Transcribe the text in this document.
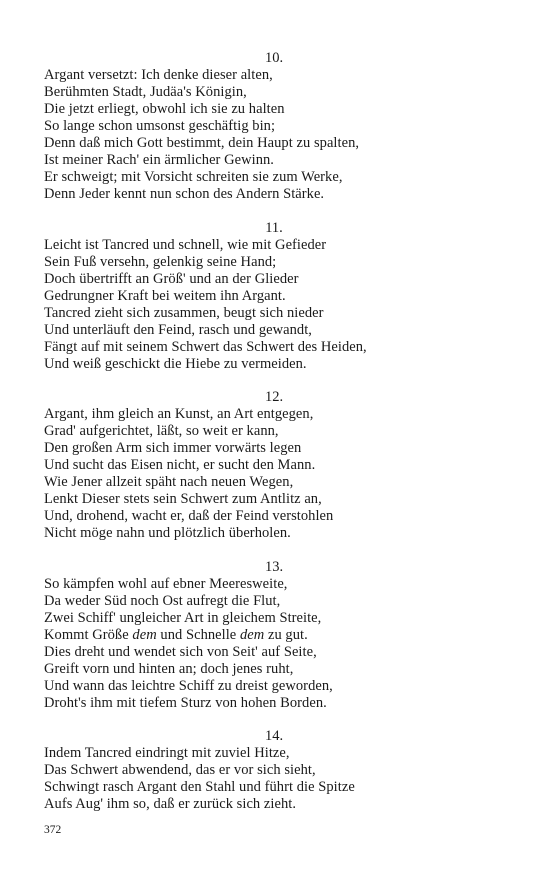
10.
Argant versetzt: Ich denke dieser alten,
Berühmten Stadt, Judäa's Königin,
Die jetzt erliegt, obwohl ich sie zu halten
So lange schon umsonst geschäftig bin;
Denn daß mich Gott bestimmt, dein Haupt zu spalten,
Ist meiner Rach' ein ärmlicher Gewinn.
Er schweigt; mit Vorsicht schreiten sie zum Werke,
Denn Jeder kennt nun schon des Andern Stärke.
11.
Leicht ist Tancred und schnell, wie mit Gefieder
Sein Fuß versehn, gelenkig seine Hand;
Doch übertrifft an Größ' und an der Glieder
Gedrungner Kraft bei weitem ihn Argant.
Tancred zieht sich zusammen, beugt sich nieder
Und unterläuft den Feind, rasch und gewandt,
Fängt auf mit seinem Schwert das Schwert des Heiden,
Und weiß geschickt die Hiebe zu vermeiden.
12.
Argant, ihm gleich an Kunst, an Art entgegen,
Grad' aufgerichtet, läßt, so weit er kann,
Den großen Arm sich immer vorwärts legen
Und sucht das Eisen nicht, er sucht den Mann.
Wie Jener allzeit späht nach neuen Wegen,
Lenkt Dieser stets sein Schwert zum Antlitz an,
Und, drohend, wacht er, daß der Feind verstohlen
Nicht möge nahn und plötzlich überholen.
13.
So kämpfen wohl auf ebner Meeresweite,
Da weder Süd noch Ost aufregt die Flut,
Zwei Schiff' ungleicher Art in gleichem Streite,
Kommt Größe dem und Schnelle dem zu gut.
Dies dreht und wendet sich von Seit' auf Seite,
Greift vorn und hinten an; doch jenes ruht,
Und wann das leichtre Schiff zu dreist geworden,
Droht's ihm mit tiefem Sturz von hohen Borden.
14.
Indem Tancred eindringt mit zuviel Hitze,
Das Schwert abwendend, das er vor sich sieht,
Schwingt rasch Argant den Stahl und führt die Spitze
Aufs Aug' ihm so, daß er zurück sich zieht.
372
